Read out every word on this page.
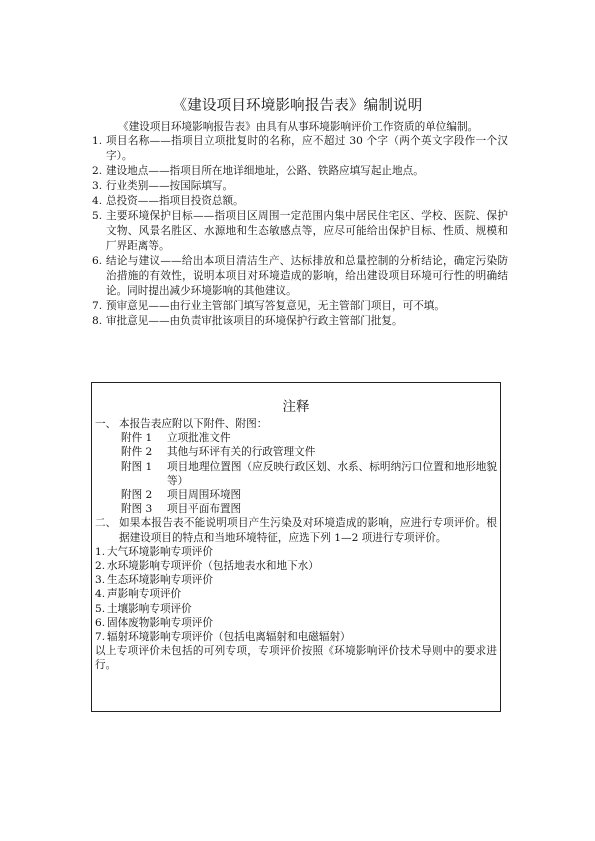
《建设项目环境影响报告表》编制说明
《建设项目环境影响报告表》由具有从事环境影响评价工作资质的单位编制。
1. 项目名称——指项目立项批复时的名称，应不超过 30 个字（两个英文字段作一个汉字）。
2. 建设地点——指项目所在地详细地址，公路、铁路应填写起止地点。
3. 行业类别——按国际填写。
4. 总投资——指项目投资总额。
5. 主要环境保护目标——指项目区周围一定范围内集中居民住宅区、学校、医院、保护文物、风景名胜区、水源地和生态敏感点等，应尽可能给出保护目标、性质、规模和厂界距离等。
6. 结论与建议——给出本项目清洁生产、达标排放和总量控制的分析结论，确定污染防治措施的有效性，说明本项目对环境造成的影响，给出建设项目环境可行性的明确结论。同时提出减少环境影响的其他建议。
7. 预审意见——由行业主管部门填写答复意见，无主管部门项目，可不填。
8. 审批意见——由负责审批该项目的环境保护行政主管部门批复。
注释
一、 本报告表应附以下附件、附图：
附件 1	立项批准文件
附件 2	其他与环评有关的行政管理文件
附图 1	项目地理位置图（应反映行政区划、水系、标明纳污口位置和地形地貌等）
附图 2	项目周围环境图
附图 3	项目平面布置图
二、 如果本报告表不能说明项目产生污染及对环境造成的影响，应进行专项评价。根据建设项目的特点和当地环境特征，应选下列 1—2 项进行专项评价。
1. 大气环境影响专项评价
2. 水环境影响专项评价（包括地表水和地下水）
3. 生态环境影响专项评价
4. 声影响专项评价
5. 土壤影响专项评价
6. 固体废物影响专项评价
7. 辐射环境影响专项评价（包括电离辐射和电磁辐射）
以上专项评价未包括的可列专项，专项评价按照《环境影响评价技术导则中的要求进行。
